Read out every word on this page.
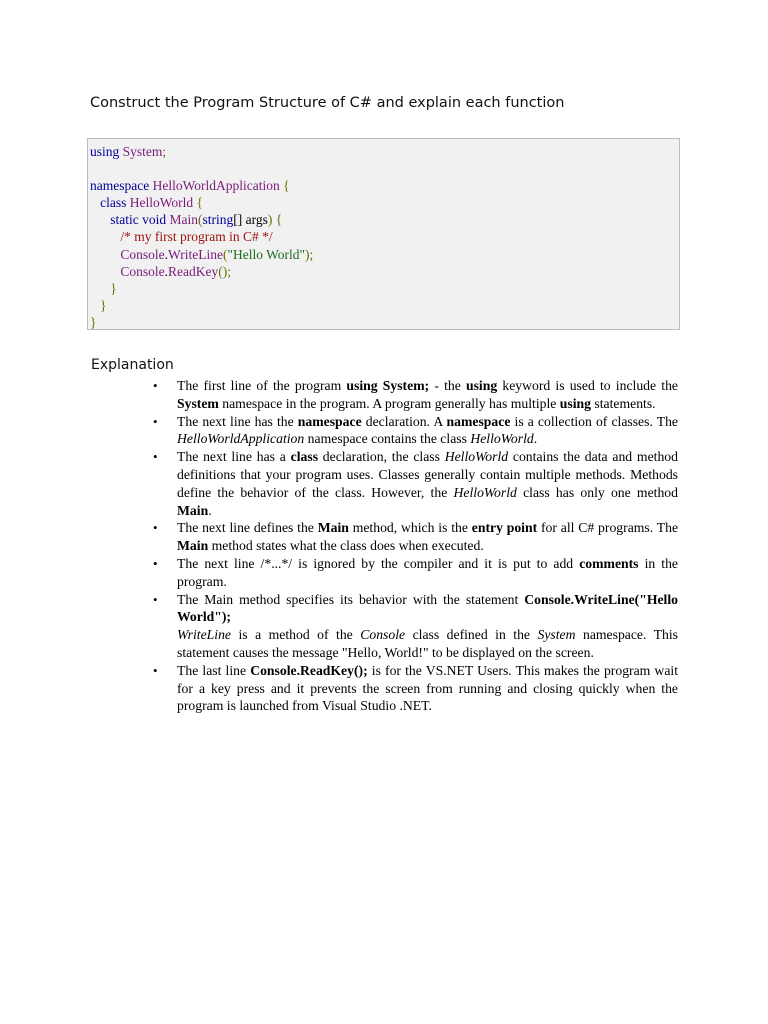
Construct the Program Structure of C# and explain each function
using System;

namespace HelloWorldApplication {
class HelloWorld {
static void Main(string[] args) {
/* my first program in C# */
Console.WriteLine("Hello World");
Console.ReadKey();
}
}
}
Explanation
• The first line of the program using System; - the using keyword is used to include the System namespace in the program. A program generally has multiple using statements.
• The next line has the namespace declaration. A namespace is a collection of classes. The HelloWorldApplication namespace contains the class HelloWorld.
• The next line has a class declaration, the class HelloWorld contains the data and method definitions that your program uses. Classes generally contain multiple methods. Methods define the behavior of the class. However, the HelloWorld class has only one method Main.
• The next line defines the Main method, which is the entry point for all C# programs. The Main method states what the class does when executed.
• The next line /*...*/ is ignored by the compiler and it is put to add comments in the program.
• The Main method specifies its behavior with the statement Console.WriteLine("Hello World");
WriteLine is a method of the Console class defined in the System namespace. This statement causes the message "Hello, World!" to be displayed on the screen.
• The last line Console.ReadKey(); is for the VS.NET Users. This makes the program wait for a key press and it prevents the screen from running and closing quickly when the program is launched from Visual Studio .NET.
